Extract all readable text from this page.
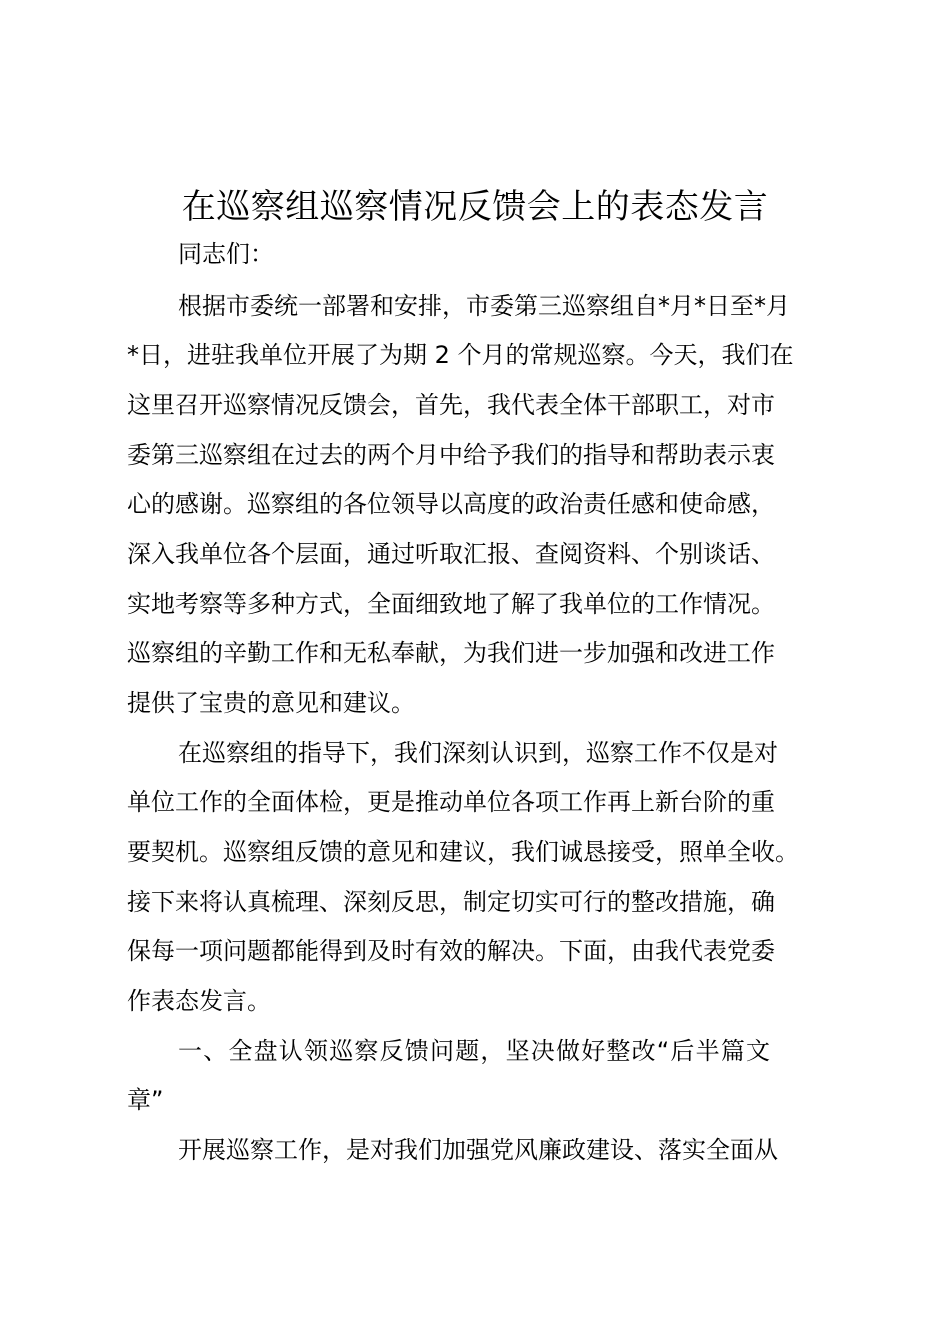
在巡察组巡察情况反馈会上的表态发言

同志们：

根据市委统一部署和安排，市委第三巡察组自*月*日至*月

*日，进驻我单位开展了为期 2 个月的常规巡察。今天，我们在

这里召开巡察情况反馈会，首先，我代表全体干部职工，对市

委第三巡察组在过去的两个月中给予我们的指导和帮助表示衷

心的感谢。巡察组的各位领导以高度的政治责任感和使命感，

深入我单位各个层面，通过听取汇报、查阅资料、个别谈话、

实地考察等多种方式，全面细致地了解了我单位的工作情况。

巡察组的辛勤工作和无私奉献，为我们进一步加强和改进工作

提供了宝贵的意见和建议。

在巡察组的指导下，我们深刻认识到，巡察工作不仅是对

单位工作的全面体检，更是推动单位各项工作再上新台阶的重

要契机。巡察组反馈的意见和建议，我们诚恳接受，照单全收。

接下来将认真梳理、深刻反思，制定切实可行的整改措施，确

保每一项问题都能得到及时有效的解决。下面，由我代表党委

作表态发言。

一、全盘认领巡察反馈问题，坚决做好整改“后半篇文

章”

开展巡察工作，是对我们加强党风廉政建设、落实全面从
